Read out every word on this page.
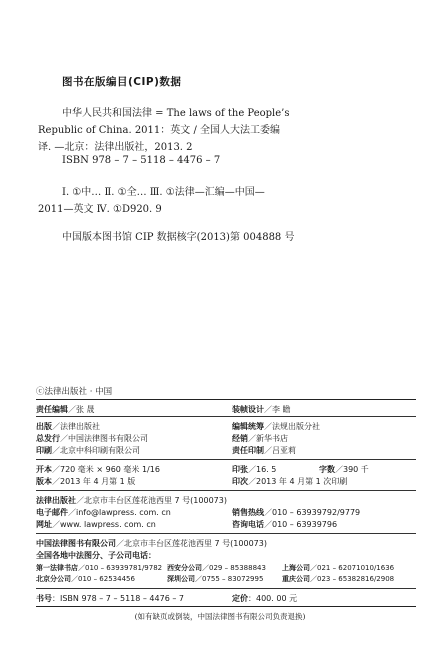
图书在版编目(CIP)数据
中华人民共和国法律 = The laws of the People’s
Republic of China. 2011：英文 / 全国人大法工委编
译. —北京：法律出版社，2013. 2
ISBN 978 – 7 – 5118 – 4476 – 7
Ⅰ. ①中… Ⅱ. ①全… Ⅲ. ①法律—汇编—中国—
2011—英文 Ⅳ. ①D920. 9
中国版本图书馆 CIP 数据核字(2013)第 004888 号
ⓒ法律出版社 · 中国
责任编辑／张 晟	装帧设计／李 瞻
出版／法律出版社	编辑统筹／法规出版分社
总发行／中国法律图书有限公司	经销／新华书店
印刷／北京中科印刷有限公司	责任印制／吕亚莉
开本／720 毫米 × 960 毫米 1/16	印张／16. 5	字数／390 千
版本／2013 年 4 月第 1 版	印次／2013 年 4 月第 1 次印刷
法律出版社／北京市丰台区莲花池西里 7 号(100073)
电子邮件／info@lawpress. com. cn	销售热线／010 – 63939792/9779
网址／www. lawpress. com. cn	咨询电话／010 – 63939796
中国法律图书有限公司／北京市丰台区莲花池西里 7 号(100073)
全国各地中法图分、子公司电话：
第一法律书店／010 – 63939781/9782 西安分公司／029 – 85388843 上海公司／021 – 62071010/1636
北京分公司／010 – 62534456	深圳公司／0755 – 83072995	重庆公司／023 – 65382816/2908
书号：ISBN 978 – 7 – 5118 – 4476 – 7	定价：400. 00 元
(如有缺页或倒装，中国法律图书有限公司负责退换)
